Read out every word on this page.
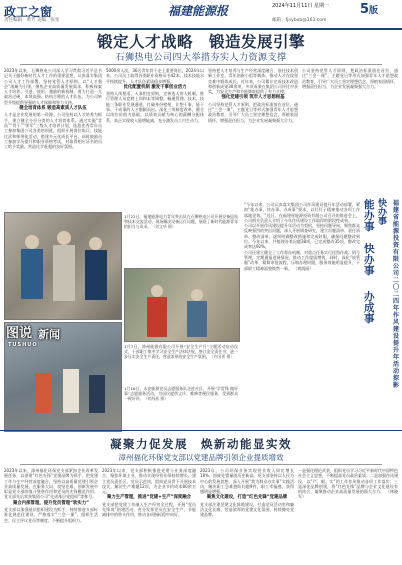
政工之窗	福建能源报	2024年11月11日 星期一 5版
责任编辑：黄芳 美编：张星	邮箱：fjnybxb@163.com
锻定人才战略　锻造发展引擎
石狮热电公司四大举措夯实人力资源支撑
2023年以来，石狮热电公司深入学习贯彻习近平总书记关于做好新时代人才工作的重要思想，认真落实集团公司人才工作部署，坚持党管人才原则，以“人才强企”战略为引领，聚焦企业高质量发展需求，积极探索人才培养、引进、使用、激励的新机制，着力打造一支政治过硬、本领高强、结构合理的人才队伍，为公司转型升级提供坚强的人才保障和智力支持。
健全培育体系 锻造高素质人才队伍
人才是企业发展的第一资源。公司坚持以人才培养为抓手，建立健全分层分类的人才培育体系。通过实施“青苗”“骨干”“领军”三级人才培养计划，选派优秀青年员工参加集团公司各类培训班，组织开展岗位练兵、技能比武和师带徒活动，搭建多元化成长平台。同时鼓励员工参加学历提升和职业资格考试，对取得相应证书的员工给予奖励，营造比学赶超的良好氛围。
5000余人次，36名青年骨干走上重要岗位。2024年以来，公司员工取得各类职业资格证书42本，技术技能水平持续提升，人才队伍素质稳步增强。
优化配置机制 激发干事创业活力
坚持人岗相适、人事相宜原则，完善选人用人机制。推行管理人员竞聘上岗和末等调整，畅通管理、技术、技能三条职业发展通道，打破身份壁垒，让想干事、能干事、干成事的人才脱颖而出。深化三项制度改革，健全以岗位价值为基础、以绩效贡献为核心的薪酬分配体系，真正实现收入能增能减，充分激发员工内生动力。
坚持把人才培养与生产经营深度融合，依托技术创新工作室、青年创新小组等载体，推动人才在攻坚克难中锻炼成长。近年来，公司累计完成技术改造和创新成果30余项，多项成果在集团公司评比中获奖，为安全生产和节能降耗提供了有力支撑。
强化党建引领 筑牢人才思想根基
公司坚持党管人才原则，把政治标准放在首位，通过“三会一课”、主题党日等形式加强青年人才思想政治教育，引导广大员工坚定理想信念，厚植家国情怀，增强责任担当，为企业发展凝聚强大合力。
公司坚持党管人才原则，把政治标准放在首位，通过“三会一课”、主题党日等形式加强青年人才思想政治教育，引导广大员工坚定理想信念，厚植家国情怀，增强责任担当，为企业发展凝聚强大合力。
1月22日，福建能源电力青年突击队在石狮热电公司开展设备巡检和技术交流活动，现场解决设备运行问题，展现了新时代能源青年的担当与风采。（刘文华 摄）
图说 新闻
TUSHUO	1月7日，漳州能源有限公司开展“安全生产月”主题活动启动仪式，干部职工集中学习安全生产法律法规，签订安全责任书，进一步压实安全生产责任，营造浓厚的安全生产氛围。（许国勇 摄）
1月16日，永安能源党员志愿服务队走进社区，开展“学雷锋 做好事”志愿服务活动，为居民提供义诊、维修等便民服务，受到群众一致好评。（何海燕 摄）
“今年以来，公司认真落实集团公司作风建设提升年活动部署，紧扣“能办事、快办事、办成事”要求，以钉钉子精神推动各项工作落地见效。”近日，在福建省能源投资有限公司召开的推进会上，公司相关负责人介绍了今年作风建设工作取得的阶段性成效。
公司以开展作风建设提升年活动为契机，坚持问题导向，聚焦群众反映强烈的突出问题，深入开展调查研究，建立问题清单、责任清单、整改清单，逐项明确整改措施和完成时限，确保问题整改到位。今年以来，共梳理各类问题38项，已完成整改35项，整改完成率达92%。
公司还建立健全了工作督办机制，对重点任务实行挂图作战、销号管理，定期通报进展情况，推动工作提质增效。同时，深化“放管服”改革，精简审批流程，压缩办理时限，服务效能明显提升，干部职工精神面貌焕然一新。 （黄润丽）
能办事
快办事
办成事
快办事
福建省能源投资有限公司二〇二四年作风建设提升年活动掠影
凝聚力促发展　焕新动能显实效
漳州福化环保党支部以党建品牌引领企业提质增效
2023年以来，漳州福化环保党支部紧扣企业改革发展任务，以创建“红色先锋”党建品牌为抓手，把党建工作与生产经营深度融合，坚持以高质量党建引领企业高质量发展，在服务大局、攻坚克难、创新发展中彰显党支部的战斗堡垒作用和党员的先锋模范作用，党支部先后荣获集团公司“先进基层党组织”等称号。
聚合内部管理，提升党员管理“软实力”
党支部以加强基层组织建设为抓手，持续推进支部标准化规范化建设，严格落实“三会一课”、组织生活会、民主评议党员等制度，不断提升组织力。
2023年以来，党支部积极推进党建与业务深度融合，聚焦环保主业，推动实现经营业绩持续增长。建立党员责任区、党员示范岗，组织党员骨干开展技术攻关，解决生产难题12项，为企业节约成本80余万元。
聚力生产管理，推进“党建+生产”深度融合
党支部把党建工作融入生产经营全过程，开展“党员先锋岗”创建活动，充分发挥党员在安全生产、节能减排中的带头作用，推动各项指标稳中向好。
2023年，公司环保业务实现营业收入同比增长18%，固废处置量创历史新高。党支部坚持以人民为中心的发展思想，深入开展“我为群众办实事”实践活动，解决职工急难愁盼问题9件，职工幸福感、获得感明显增强。
聚焦文化建设，打造“红色先锋”党建品牌
党支部注重党建文化阵地建设，打造党员活动室和廉洁文化长廊，营造浓厚的党建文化氛围，持续擦亮党建品牌。
一是强化理论武装，组织党员学习习近平新时代中国特色社会主义思想，不断提高党员政治素质；二是加强作风建设，以“严、细、实”的工作作风推动各项工作落实；三是深化品牌创建，将“红色先锋”品牌与企业文化建设有机结合，凝聚推动企业高质量发展的强大合力。 （林晓军）
